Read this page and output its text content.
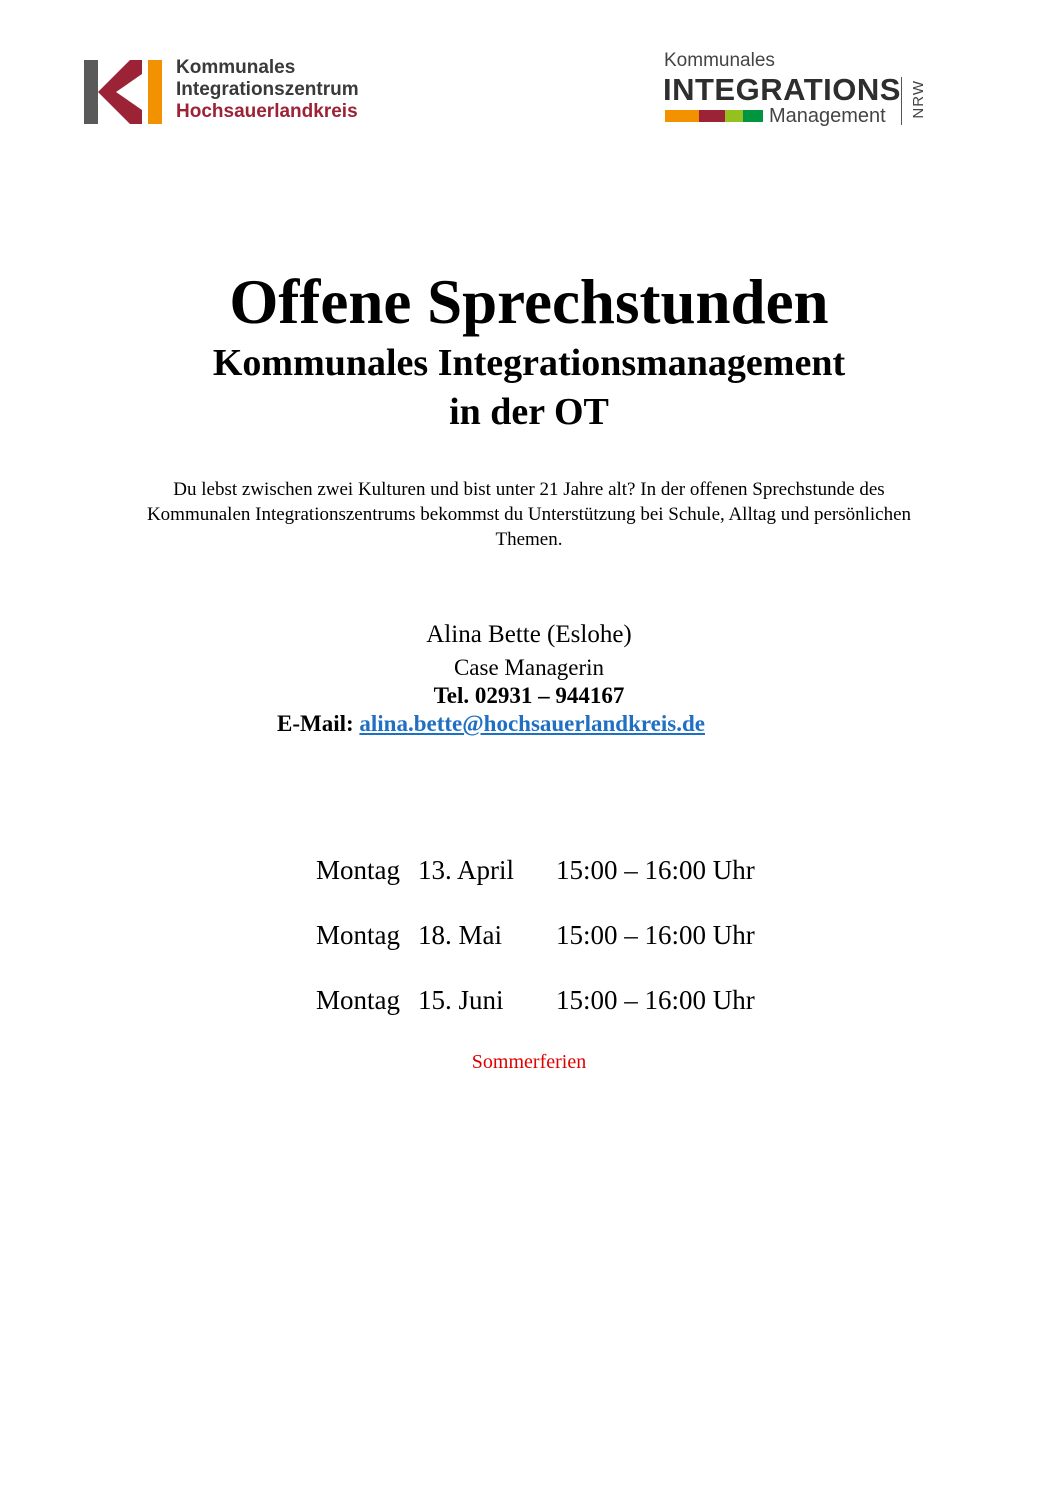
Kommunales
Integrationszentrum
Hochsauerlandkreis
Kommunales
INTEGRATIONS
Management NRW
Offene Sprechstunden
Kommunales Integrationsmanagement
in der OT
Du lebst zwischen zwei Kulturen und bist unter 21 Jahre alt? In der offenen Sprechstunde des Kommunalen Integrationszentrums bekommst du Unterstützung bei Schule, Alltag und persönlichen Themen.
Alina Bette (Eslohe)
Case Managerin
Tel. 02931 – 944167
E-Mail: alina.bette@hochsauerlandkreis.de
Montag 13. April 15:00 – 16:00 Uhr
Montag 18. Mai 15:00 – 16:00 Uhr
Montag 15. Juni 15:00 – 16:00 Uhr
Sommerferien
